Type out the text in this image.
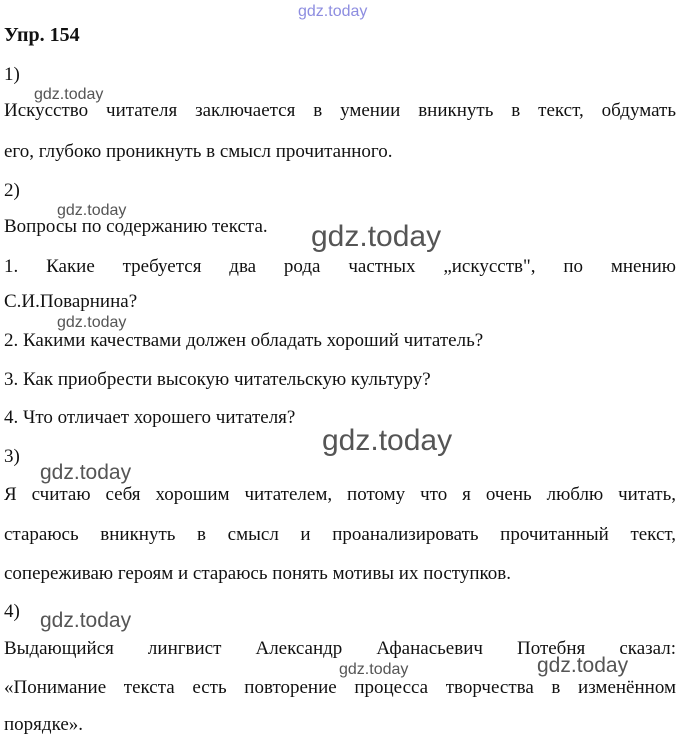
gdz.today
Упр. 154
1)
gdz.today
Искусство читателя заключается в умении вникнуть в текст, обдумать
его, глубоко проникнуть в смысл прочитанного.
2)
gdz.today
Вопросы по содержанию текста. gdz.today
1. Какие требуется два рода частных „искусств", по мнению
С.И.Поварнина?
gdz.today
2. Какими качествами должен обладать хороший читатель?
3. Как приобрести высокую читательскую культуру?
4. Что отличает хорошего читателя?
gdz.today
3)
gdz.today
Я считаю себя хорошим читателем, потому что я очень люблю читать,
стараюсь вникнуть в смысл и проанализировать прочитанный текст,
сопереживаю героям и стараюсь понять мотивы их поступков.
4) gdz.today
Выдающийся лингвист Александр Афанасьевич Потебня сказал:
gdz.today
gdz.today
«Понимание текста есть повторение процесса творчества в изменённом
порядке».
